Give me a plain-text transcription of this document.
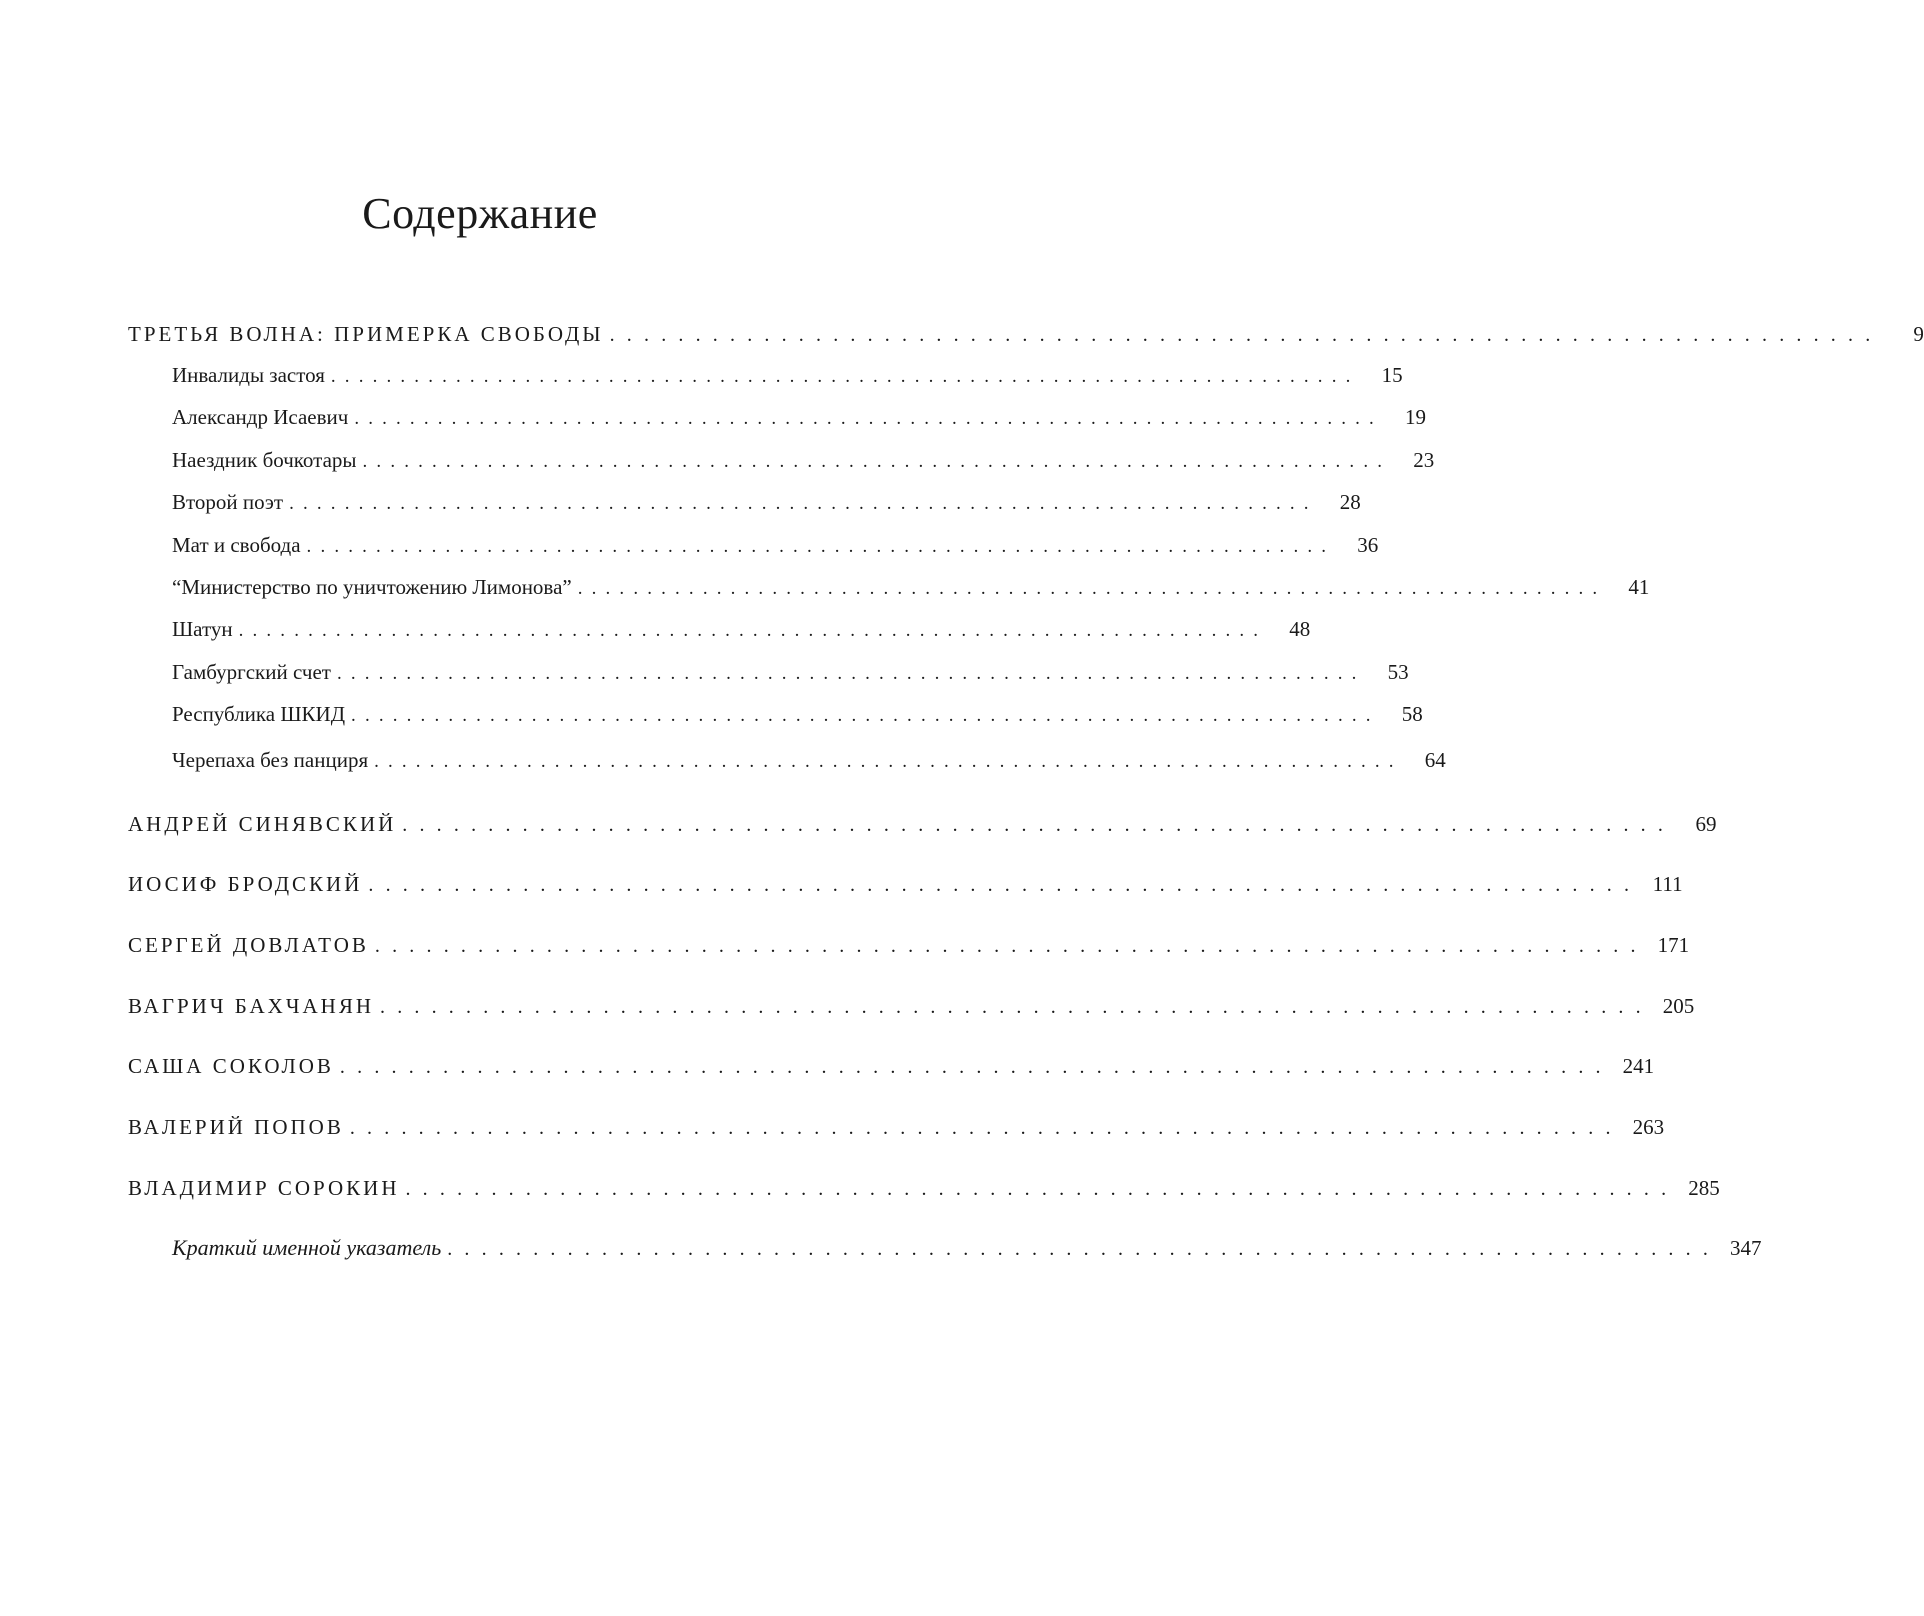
Содержание
ТРЕТЬЯ ВОЛНА: ПРИМЕРКА СВОБОДЫ . . . . . . . . . . . . . . . . . . . . . . . . . . . . . . . . . . . . . . . . . . . . . . . . . . . . . . . . . . . . . . . . . . . . . . . . . .	9
Инвалиды застоя . . . . . . . . . . . . . . . . . . . . . . . . . . . . . . . . . . . . . . . . . . . . . . . . . . . . . . . . . . . . . . . . . . . . . . . . . .	15
Александр Исаевич . . . . . . . . . . . . . . . . . . . . . . . . . . . . . . . . . . . . . . . . . . . . . . . . . . . . . . . . . . . . . . . . . . . . . . . . . .	19
Наездник бочкотары . . . . . . . . . . . . . . . . . . . . . . . . . . . . . . . . . . . . . . . . . . . . . . . . . . . . . . . . . . . . . . . . . . . . . . . . . .	23
Второй поэт . . . . . . . . . . . . . . . . . . . . . . . . . . . . . . . . . . . . . . . . . . . . . . . . . . . . . . . . . . . . . . . . . . . . . . . . . .	28
Мат и свобода . . . . . . . . . . . . . . . . . . . . . . . . . . . . . . . . . . . . . . . . . . . . . . . . . . . . . . . . . . . . . . . . . . . . . . . . . .	36
“Министерство по уничтожению Лимонова” . . . . . . . . . . . . . . . . . . . . . . . . . . . . . . . . . . . . . . . . . . . . . . . . . . . . . . . . . . . . . . . . . . . . . . . . . .	41
Шатун . . . . . . . . . . . . . . . . . . . . . . . . . . . . . . . . . . . . . . . . . . . . . . . . . . . . . . . . . . . . . . . . . . . . . . . . . .	48
Гамбургский счет . . . . . . . . . . . . . . . . . . . . . . . . . . . . . . . . . . . . . . . . . . . . . . . . . . . . . . . . . . . . . . . . . . . . . . . . . .	53
Республика ШКИД . . . . . . . . . . . . . . . . . . . . . . . . . . . . . . . . . . . . . . . . . . . . . . . . . . . . . . . . . . . . . . . . . . . . . . . . . .	58
Черепаха без панциря . . . . . . . . . . . . . . . . . . . . . . . . . . . . . . . . . . . . . . . . . . . . . . . . . . . . . . . . . . . . . . . . . . . . . . . . . .	64
АНДРЕЙ СИНЯВСКИЙ . . . . . . . . . . . . . . . . . . . . . . . . . . . . . . . . . . . . . . . . . . . . . . . . . . . . . . . . . . . . . . . . . . . . . . . . . .	69
ИОСИФ БРОДСКИЙ . . . . . . . . . . . . . . . . . . . . . . . . . . . . . . . . . . . . . . . . . . . . . . . . . . . . . . . . . . . . . . . . . . . . . . . . . . 111
СЕРГЕЙ ДОВЛАТОВ . . . . . . . . . . . . . . . . . . . . . . . . . . . . . . . . . . . . . . . . . . . . . . . . . . . . . . . . . . . . . . . . . . . . . . . . . . 171
ВАГРИЧ БАХЧАНЯН . . . . . . . . . . . . . . . . . . . . . . . . . . . . . . . . . . . . . . . . . . . . . . . . . . . . . . . . . . . . . . . . . . . . . . . . . . 205
САША СОКОЛОВ . . . . . . . . . . . . . . . . . . . . . . . . . . . . . . . . . . . . . . . . . . . . . . . . . . . . . . . . . . . . . . . . . . . . . . . . . . 241
ВАЛЕРИЙ ПОПОВ . . . . . . . . . . . . . . . . . . . . . . . . . . . . . . . . . . . . . . . . . . . . . . . . . . . . . . . . . . . . . . . . . . . . . . . . . . 263
ВЛАДИМИР СОРОКИН . . . . . . . . . . . . . . . . . . . . . . . . . . . . . . . . . . . . . . . . . . . . . . . . . . . . . . . . . . . . . . . . . . . . . . . . . . 285
Краткий именной указатель . . . . . . . . . . . . . . . . . . . . . . . . . . . . . . . . . . . . . . . . . . . . . . . . . . . . . . . . . . . . . . . . . . . . . . . . . . 347
